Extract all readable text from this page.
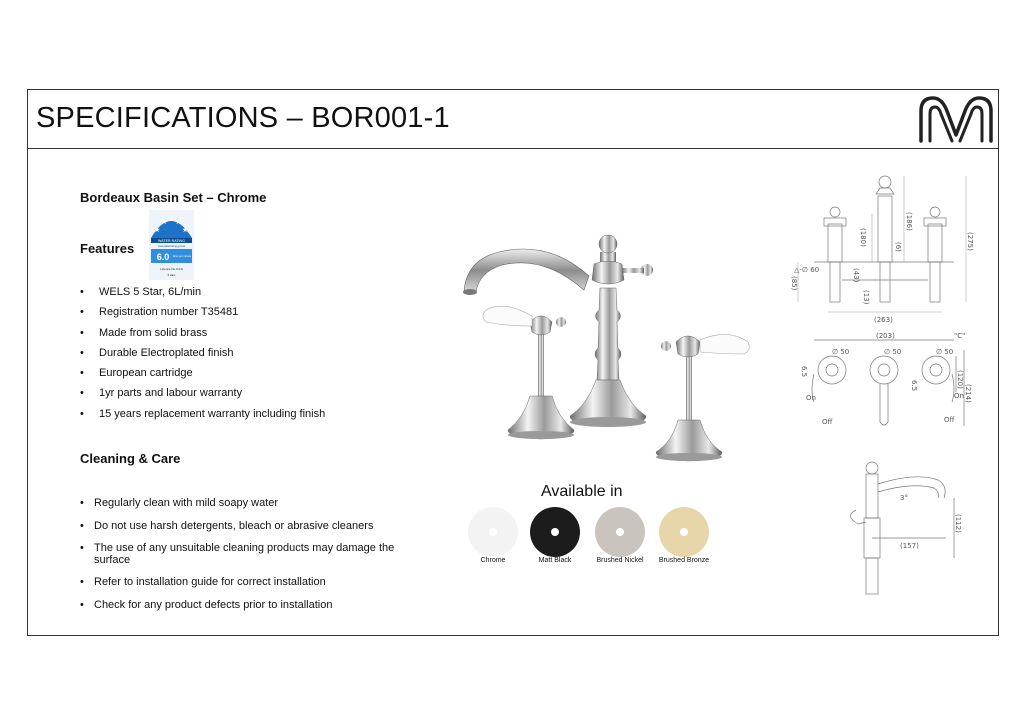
SPECIFICATIONS – BOR001-1
Bordeaux Basin Set – Chrome
Features
★
★ ★ ★
★
WATER RATING
www.waterrating.gov.au
6.0 litres per minute
Licence No.0.0.0
5 stars
• WELS 5 Star, 6L/min
• Registration number T35481
• Made from solid brass
• Durable Electroplated finish
• European cartridge
• 1yr parts and labour warranty
• 15 years replacement warranty including finish
Cleaning & Care
• Regularly clean with mild soapy water
• Do not use harsh detergents, bleach or abrasive cleaners
• The use of any unsuitable cleaning products may damage the surface
• Refer to installation guide for correct installation
• Check for any product defects prior to installation
Available in
Chrome	Matt Black	Brushed Nickel	Brushed Bronze
(186)
(180)	(275)
(6)
(85)
(43)
(13)
(263)
△-∅ 60
(203)
∅ 50	∅ 50	∅ 50
"C"
6.5
6.5	(120)
(214)
On	On
Off	Off
3°
(157)
(112)
